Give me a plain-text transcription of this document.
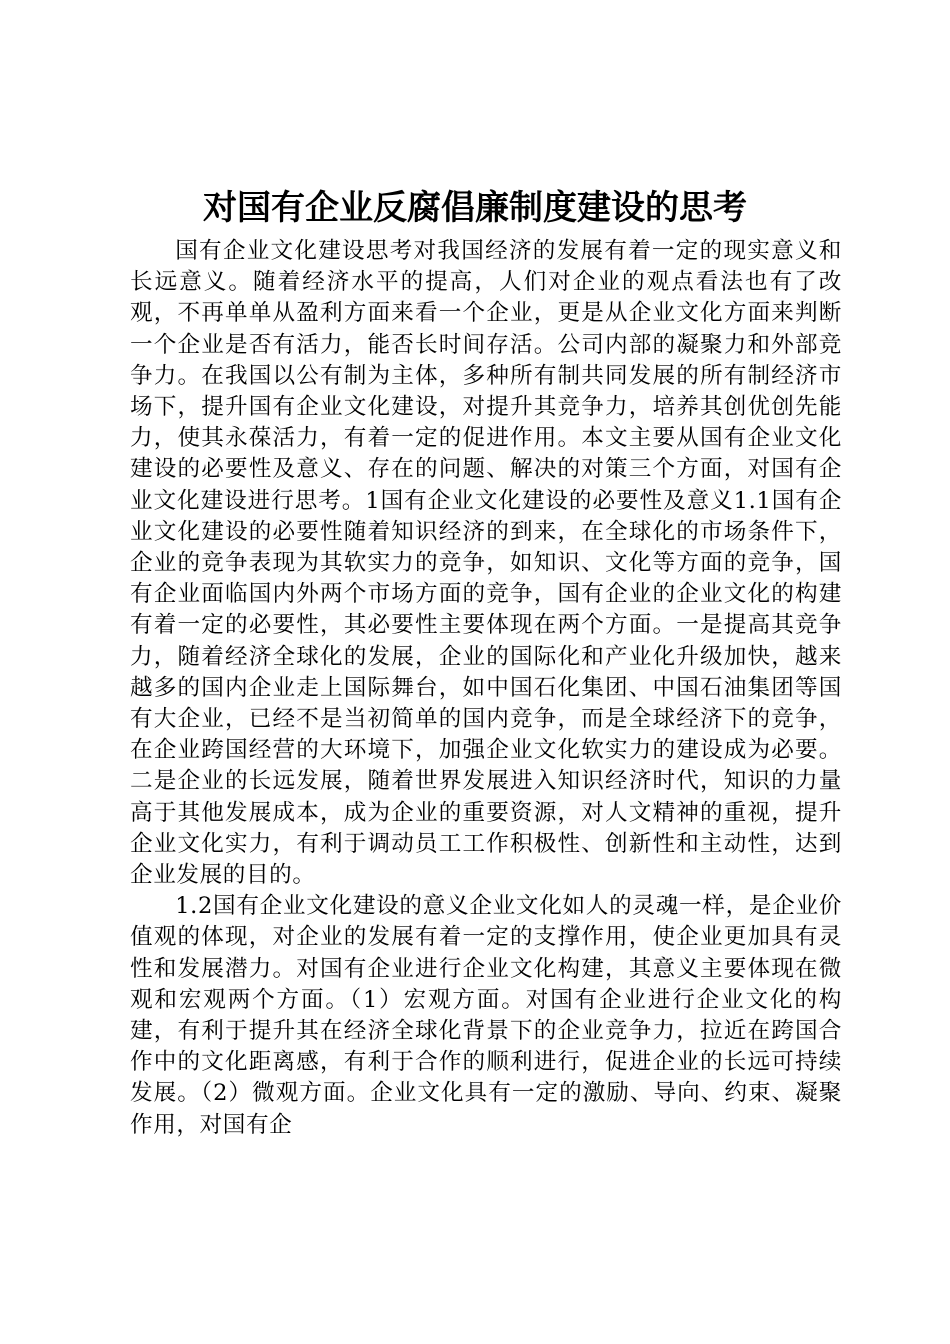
对国有企业反腐倡廉制度建设的思考

国有企业文化建设思考对我国经济的发展有着一定的现实意义和长远意义。随着经济水平的提高，人们对企业的观点看法也有了改观，不再单单从盈利方面来看一个企业，更是从企业文化方面来判断一个企业是否有活力，能否长时间存活。公司内部的凝聚力和外部竞争力。在我国以公有制为主体，多种所有制共同发展的所有制经济市场下，提升国有企业文化建设，对提升其竞争力，培养其创优创先能力，使其永葆活力，有着一定的促进作用。本文主要从国有企业文化建设的必要性及意义、存在的问题、解决的对策三个方面，对国有企业文化建设进行思考。1国有企业文化建设的必要性及意义1.1国有企业文化建设的必要性随着知识经济的到来，在全球化的市场条件下，企业的竞争表现为其软实力的竞争，如知识、文化等方面的竞争，国有企业面临国内外两个市场方面的竞争，国有企业的企业文化的构建有着一定的必要性，其必要性主要体现在两个方面。一是提高其竞争力，随着经济全球化的发展，企业的国际化和产业化升级加快，越来越多的国内企业走上国际舞台，如中国石化集团、中国石油集团等国有大企业，已经不是当初简单的国内竞争，而是全球经济下的竞争，在企业跨国经营的大环境下，加强企业文化软实力的建设成为必要。二是企业的长远发展，随着世界发展进入知识经济时代，知识的力量高于其他发展成本，成为企业的重要资源，对人文精神的重视，提升企业文化实力，有利于调动员工工作积极性、创新性和主动性，达到企业发展的目的。

1.2国有企业文化建设的意义企业文化如人的灵魂一样，是企业价值观的体现，对企业的发展有着一定的支撑作用，使企业更加具有灵性和发展潜力。对国有企业进行企业文化构建，其意义主要体现在微观和宏观两个方面。（1）宏观方面。对国有企业进行企业文化的构建，有利于提升其在经济全球化背景下的企业竞争力，拉近在跨国合作中的文化距离感，有利于合作的顺利进行，促进企业的长远可持续发展。（2）微观方面。企业文化具有一定的激励、导向、约束、凝聚作用，对国有企
